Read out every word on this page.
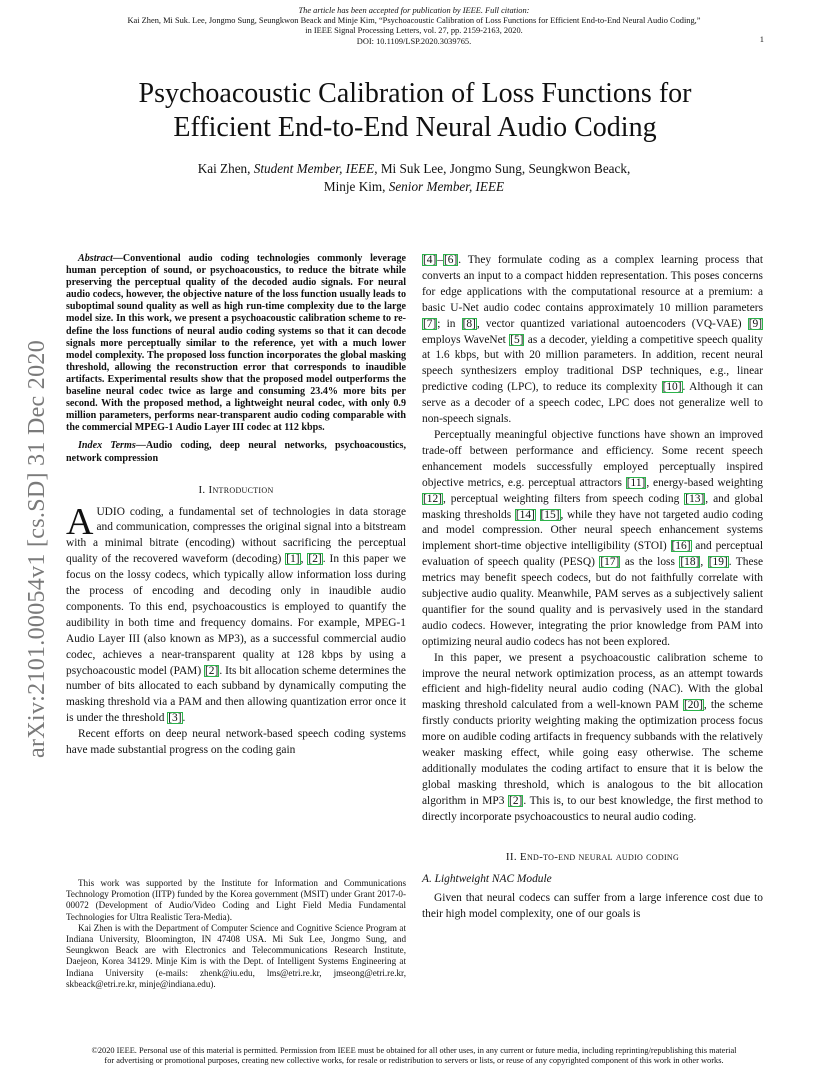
The article has been accepted for publication by IEEE. Full citation:
Kai Zhen, Mi Suk. Lee, Jongmo Sung, Seungkwon Beack and Minje Kim, “Psychoacoustic Calibration of Loss Functions for Efficient End-to-End Neural Audio Coding,”
in IEEE Signal Processing Letters, vol. 27, pp. 2159-2163, 2020.
DOI: 10.1109/LSP.2020.3039765.	1
arXiv:2101.00054v1 [cs.SD] 31 Dec 2020
Psychoacoustic Calibration of Loss Functions for
Efficient End-to-End Neural Audio Coding
Kai Zhen, Student Member, IEEE, Mi Suk Lee, Jongmo Sung, Seungkwon Beack,
Minje Kim, Senior Member, IEEE

Abstract—Conventional audio coding technologies commonly leverage human perception of sound, or psychoacoustics, to reduce the bitrate while preserving the perceptual quality of the decoded audio signals. For neural audio codecs, however, the objective nature of the loss function usually leads to suboptimal sound quality as well as high run-time complexity due to the large model size. In this work, we present a psychoacoustic calibration scheme to re-define the loss functions of neural audio coding systems so that it can decode signals more perceptually similar to the reference, yet with a much lower model complexity. The proposed loss function incorporates the global masking threshold, allowing the reconstruction error that corresponds to inaudible artifacts. Experimental results show that the proposed model outperforms the baseline neural codec twice as large and consuming 23.4% more bits per second. With the proposed method, a lightweight neural codec, with only 0.9 million parameters, performs near-transparent audio coding comparable with the commercial MPEG-1 Audio Layer III codec at 112 kbps.

Index Terms—Audio coding, deep neural networks, psychoacoustics, network compression

I. Introduction

AUDIO coding, a fundamental set of technologies in data storage and communication, compresses the original signal into a bitstream with a minimal bitrate (encoding) without sacrificing the perceptual quality of the recovered waveform (decoding) [1], [2]. In this paper we focus on the lossy codecs, which typically allow information loss during the process of encoding and decoding only in inaudible audio components. To this end, psychoacoustics is employed to quantify the audibility in both time and frequency domains. For example, MPEG-1 Audio Layer III (also known as MP3), as a successful commercial audio codec, achieves a near-transparent quality at 128 kbps by using a psychoacoustic model (PAM) [2]. Its bit allocation scheme determines the number of bits allocated to each subband by dynamically computing the masking threshold via a PAM and then allowing quantization error once it is under the threshold [3].

Recent efforts on deep neural network-based speech coding systems have made substantial progress on the coding gain

This work was supported by the Institute for Information and Communications Technology Promotion (IITP) funded by the Korea government (MSIT) under Grant 2017-0-00072 (Development of Audio/Video Coding and Light Field Media Fundamental Technologies for Ultra Realistic Tera-Media).

Kai Zhen is with the Department of Computer Science and Cognitive Science Program at Indiana University, Bloomington, IN 47408 USA. Mi Suk Lee, Jongmo Sung, and Seungkwon Beack are with Electronics and Telecommunications Research Institute, Daejeon, Korea 34129. Minje Kim is with the Dept. of Intelligent Systems Engineering at Indiana University (e-mails: zhenk@iu.edu, lms@etri.re.kr, jmseong@etri.re.kr, skbeack@etri.re.kr, minje@indiana.edu).

[4]–[6]. They formulate coding as a complex learning process that converts an input to a compact hidden representation. This poses concerns for edge applications with the computational resource at a premium: a basic U-Net audio codec contains approximately 10 million parameters [7]; in [8], vector quantized variational autoencoders (VQ-VAE) [9] employs WaveNet [5] as a decoder, yielding a competitive speech quality at 1.6 kbps, but with 20 million parameters. In addition, recent neural speech synthesizers employ traditional DSP techniques, e.g., linear predictive coding (LPC), to reduce its complexity [10]. Although it can serve as a decoder of a speech codec, LPC does not generalize well to non-speech signals.

Perceptually meaningful objective functions have shown an improved trade-off between performance and efficiency. Some recent speech enhancement models successfully employed perceptually inspired objective metrics, e.g. perceptual attractors [11], energy-based weighting [12], perceptual weighting filters from speech coding [13], and global masking thresholds [14] [15], while they have not targeted audio coding and model compression. Other neural speech enhancement systems implement short-time objective intelligibility (STOI) [16] and perceptual evaluation of speech quality (PESQ) [17] as the loss [18], [19]. These metrics may benefit speech codecs, but do not faithfully correlate with subjective audio quality. Meanwhile, PAM serves as a subjectively salient quantifier for the sound quality and is pervasively used in the standard audio codecs. However, integrating the prior knowledge from PAM into optimizing neural audio codecs has not been explored.

In this paper, we present a psychoacoustic calibration scheme to improve the neural network optimization process, as an attempt towards efficient and high-fidelity neural audio coding (NAC). With the global masking threshold calculated from a well-known PAM [20], the scheme firstly conducts priority weighting making the optimization process focus more on audible coding artifacts in frequency subbands with the relatively weaker masking effect, while going easy otherwise. The scheme additionally modulates the coding artifact to ensure that it is below the global masking threshold, which is analogous to the bit allocation algorithm in MP3 [2]. This is, to our best knowledge, the first method to directly incorporate psychoacoustics to neural audio coding.

II. End-to-end neural audio coding
A. Lightweight NAC Module

Given that neural codecs can suffer from a large inference cost due to their high model complexity, one of our goals is

©2020 IEEE. Personal use of this material is permitted. Permission from IEEE must be obtained for all other uses, in any current or future media, including reprinting/republishing this material
for advertising or promotional purposes, creating new collective works, for resale or redistribution to servers or lists, or reuse of any copyrighted component of this work in other works.
